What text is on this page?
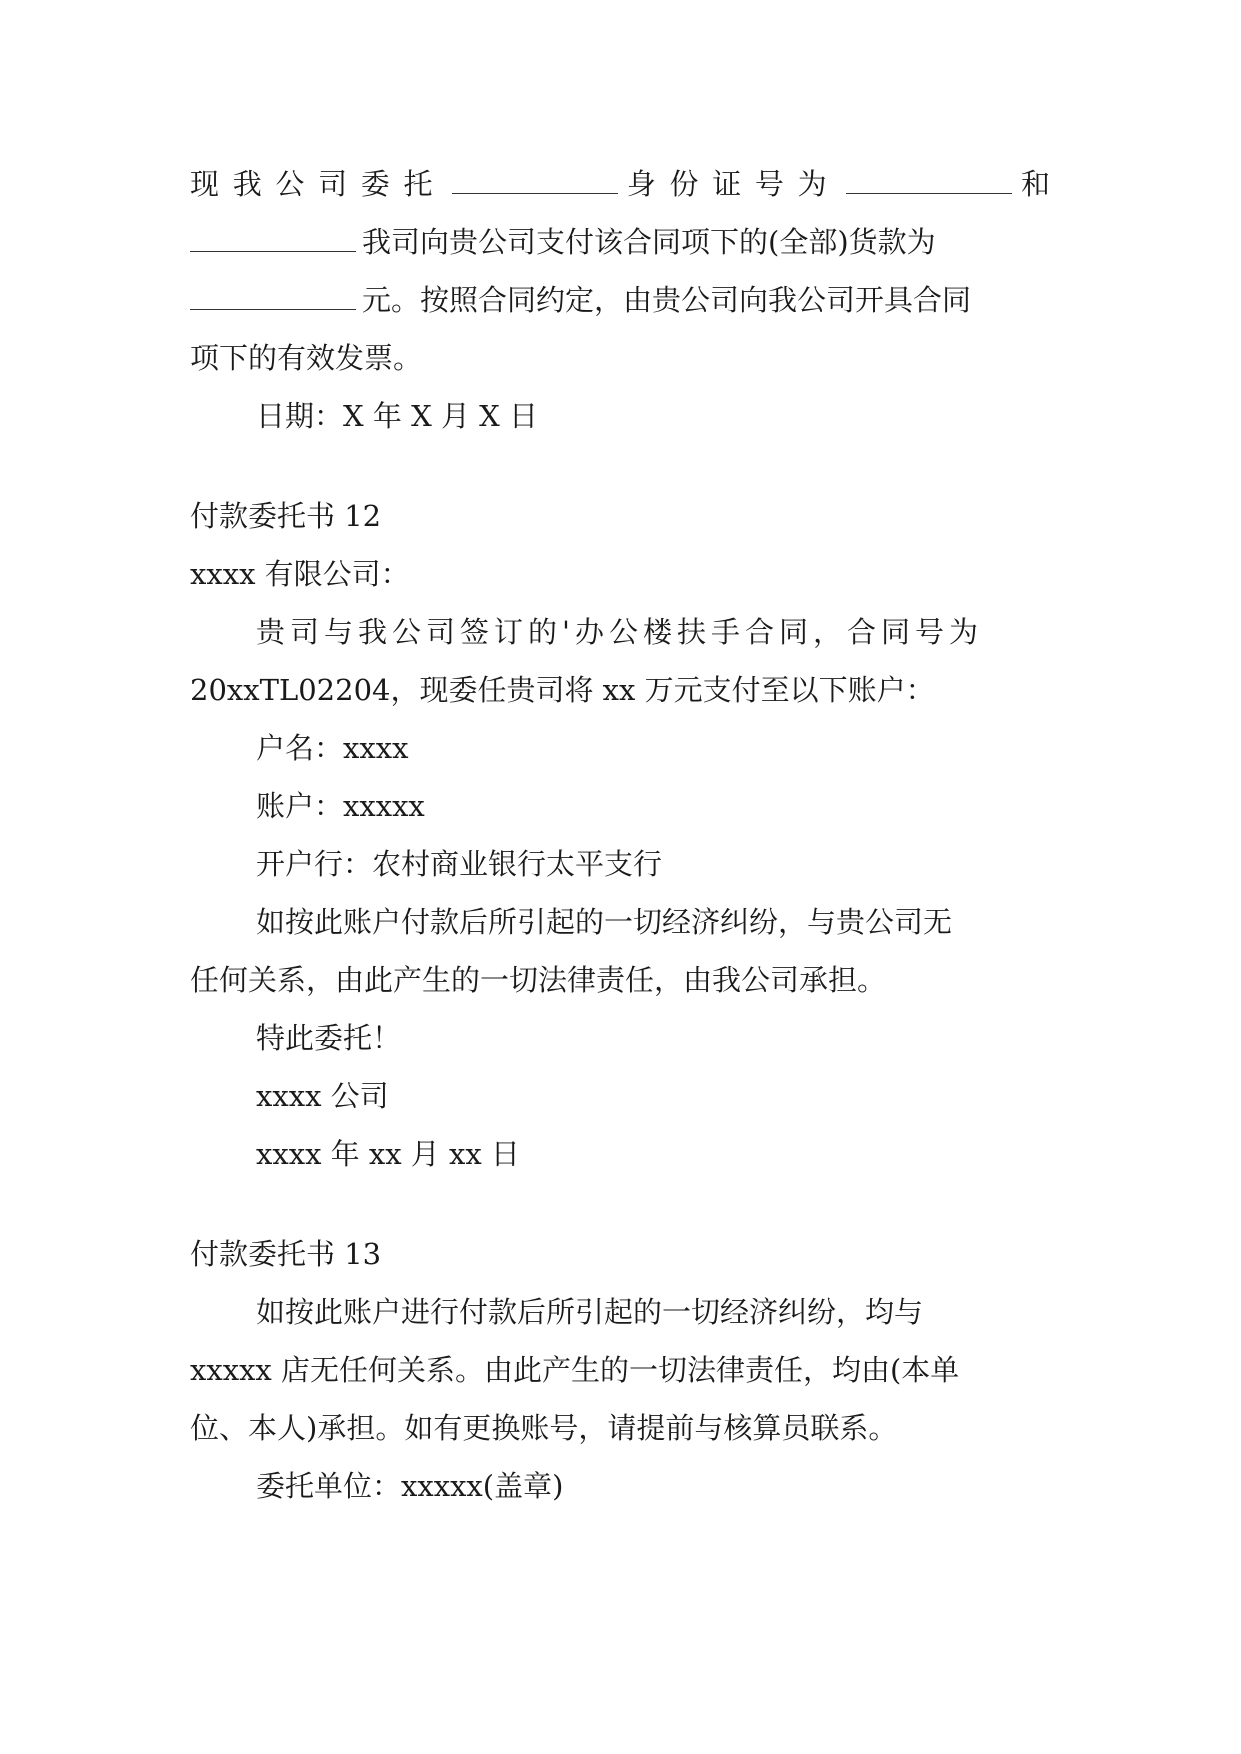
现我公司委托	身份证号为	和
我司向贵公司支付该合同项下的(全部)货款为
元。按照合同约定，由贵公司向我公司开具合同
项下的有效发票。
日期：X 年 X 月 X 日
付款委托书 12
xxxx 有限公司：
贵司与我公司签订的'办公楼扶手合同，合同号为
20xxTL02204，现委任贵司将 xx 万元支付至以下账户：
户名：xxxx
账户：xxxxx
开户行：农村商业银行太平支行
如按此账户付款后所引起的一切经济纠纷，与贵公司无
任何关系，由此产生的一切法律责任，由我公司承担。
特此委托！
xxxx 公司
xxxx 年 xx 月 xx 日
付款委托书 13
如按此账户进行付款后所引起的一切经济纠纷，均与
xxxxx 店无任何关系。由此产生的一切法律责任，均由(本单
位、本人)承担。如有更换账号，请提前与核算员联系。
委托单位：xxxxx(盖章)
